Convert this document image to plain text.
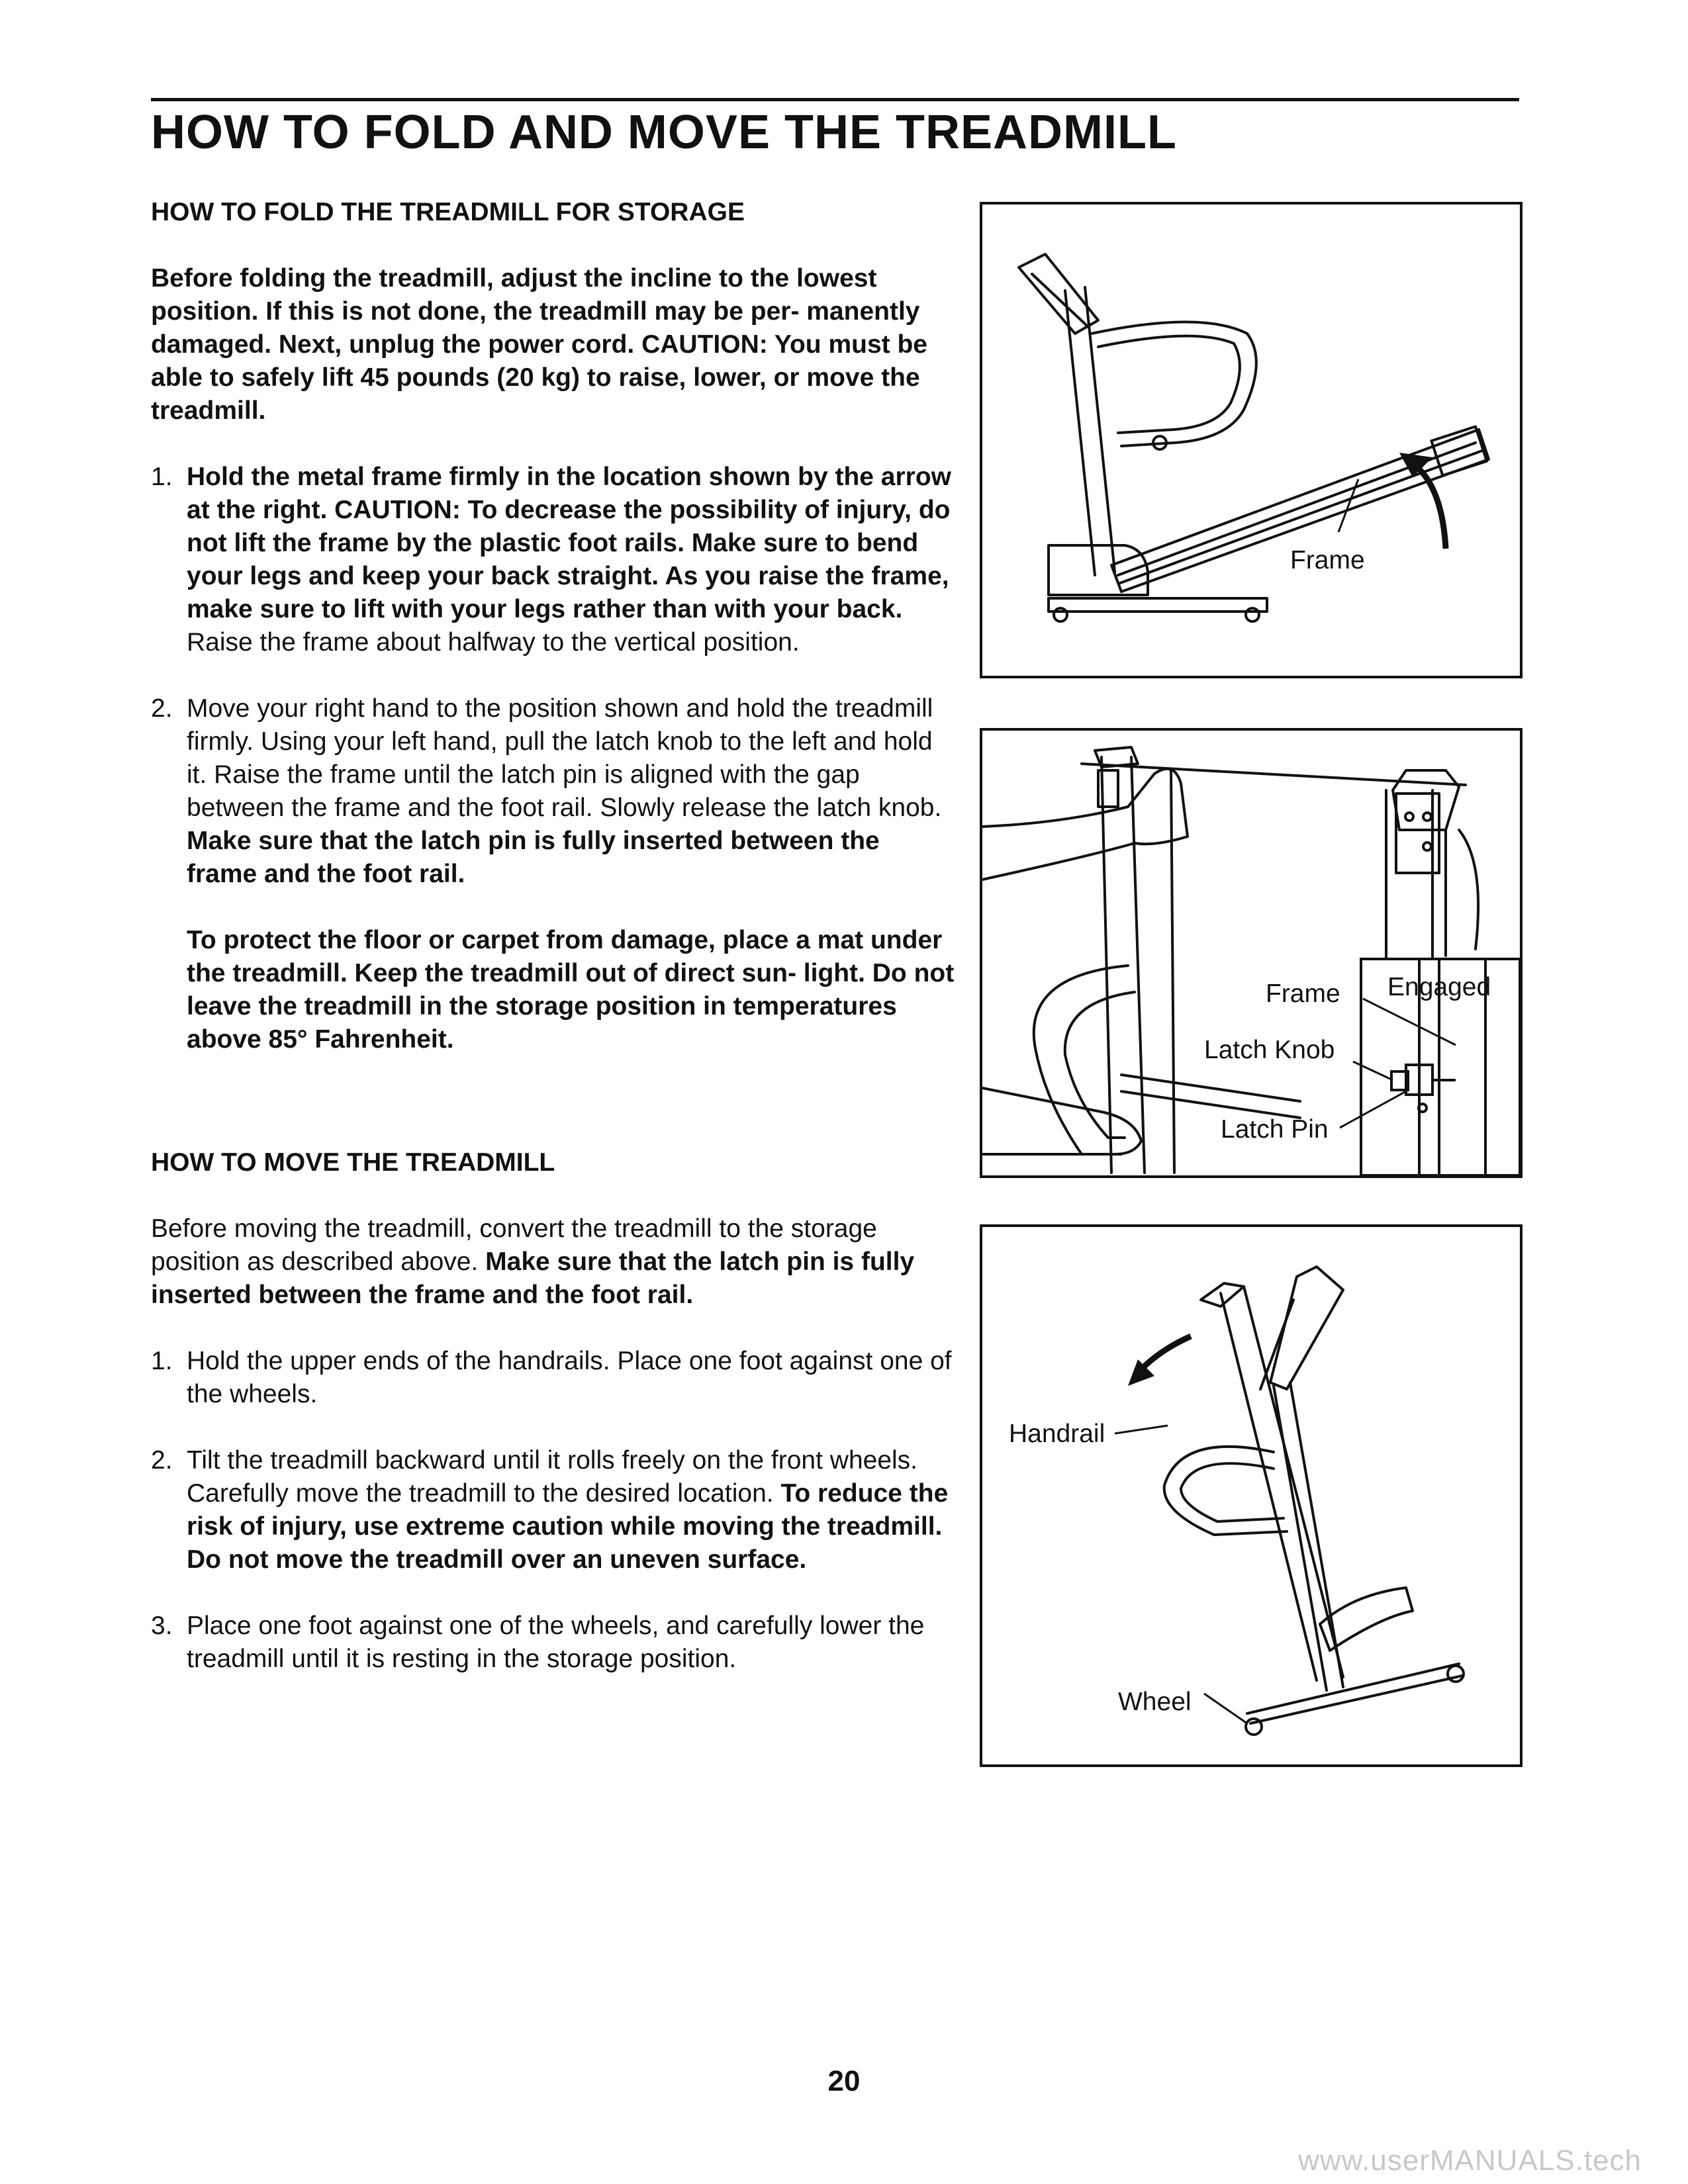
HOW TO FOLD AND MOVE THE TREADMILL

HOW TO FOLD THE TREADMILL FOR STORAGE

Before folding the treadmill, adjust the incline to the lowest position. If this is not done, the treadmill may be per- manently damaged. Next, unplug the power cord. CAUTION: You must be able to safely lift 45 pounds (20 kg) to raise, lower, or move the treadmill.

1. Hold the metal frame firmly in the location shown by the arrow at the right. CAUTION: To decrease the possibility of injury, do not lift the frame by the plastic foot rails. Make sure to bend your legs and keep your back straight. As you raise the frame, make sure to lift with your legs rather than with your back. Raise the frame about halfway to the vertical position.
2. Move your right hand to the position shown and hold the treadmill firmly. Using your left hand, pull the latch knob to the left and hold it. Raise the frame until the latch pin is aligned with the gap between the frame and the foot rail. Slowly release the latch knob. Make sure that the latch pin is fully inserted between the frame and the foot rail.
To protect the floor or carpet from damage, place a mat under the treadmill. Keep the treadmill out of direct sun- light. Do not leave the treadmill in the storage position in temperatures above 85° Fahrenheit.

HOW TO MOVE THE TREADMILL

Before moving the treadmill, convert the treadmill to the storage position as described above. Make sure that the latch pin is fully inserted between the frame and the foot rail.

1. Hold the upper ends of the handrails. Place one foot against one of the wheels.
2. Tilt the treadmill backward until it rolls freely on the front wheels. Carefully move the treadmill to the desired location. To reduce the risk of injury, use extreme caution while moving the treadmill. Do not move the treadmill over an uneven surface.
3. Place one foot against one of the wheels, and carefully lower the treadmill until it is resting in the storage position.
Frame
Frame Engaged
Latch Knob
Latch Pin
Handrail
Wheel
20
www.userMANUALS.tech
